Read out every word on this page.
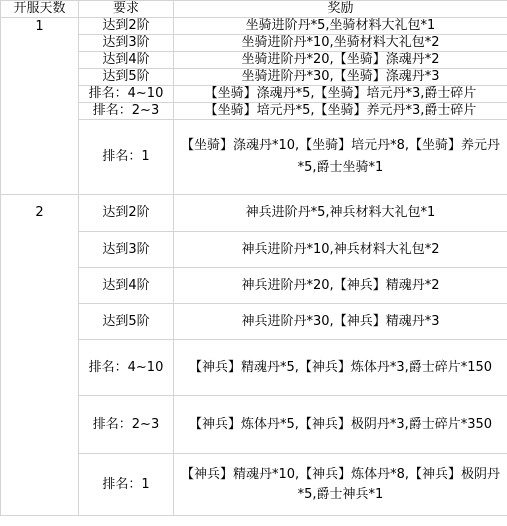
开服天数	要求	奖励
1	达到2阶	坐骑进阶丹*5,坐骑材料大礼包*1
	达到3阶	坐骑进阶丹*10,坐骑材料大礼包*2
	达到4阶	坐骑进阶丹*20,【坐骑】涤魂丹*2
	达到5阶	坐骑进阶丹*30,【坐骑】涤魂丹*3
	排名：4~10	【坐骑】涤魂丹*5,【坐骑】培元丹*3,爵士碎片
	排名：2~3	【坐骑】培元丹*5,【坐骑】养元丹*3,爵士碎片
	排名：1	【坐骑】涤魂丹*10,【坐骑】培元丹*8,【坐骑】养元丹*5,爵士坐骑*1
2	达到2阶	神兵进阶丹*5,神兵材料大礼包*1
	达到3阶	神兵进阶丹*10,神兵材料大礼包*2
	达到4阶	神兵进阶丹*20,【神兵】精魂丹*2
	达到5阶	神兵进阶丹*30,【神兵】精魂丹*3
	排名：4~10	【神兵】精魂丹*5,【神兵】炼体丹*3,爵士碎片*150
	排名：2~3	【神兵】炼体丹*5,【神兵】极阴丹*3,爵士碎片*350
	排名：1	【神兵】精魂丹*10,【神兵】炼体丹*8,【神兵】极阴丹*5,爵士神兵*1
